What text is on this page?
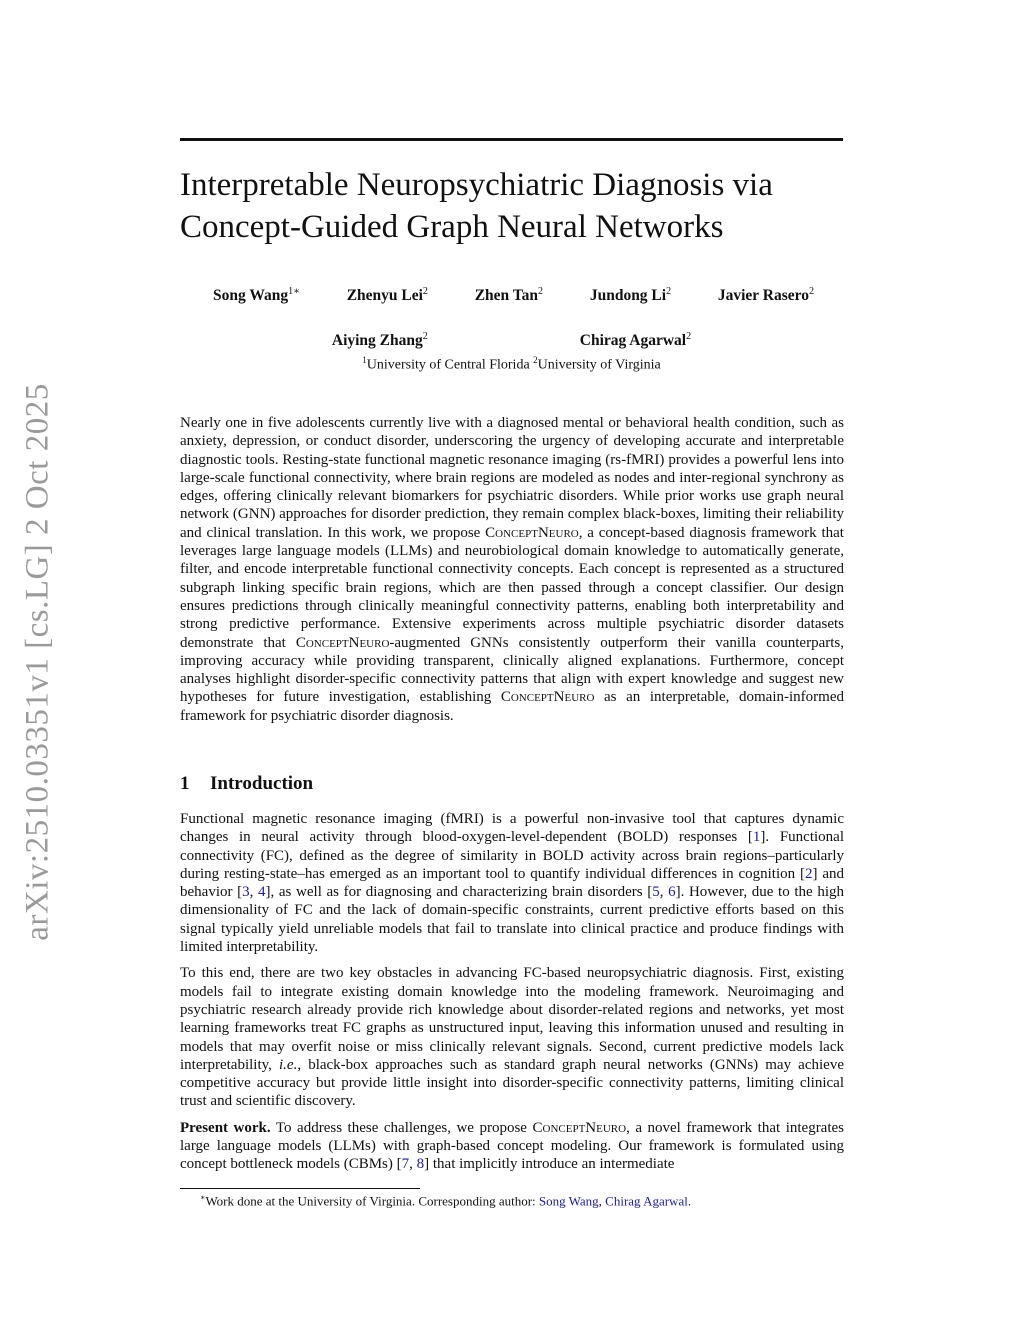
arXiv:2510.03351v1 [cs.LG] 2 Oct 2025
Interpretable Neuropsychiatric Diagnosis via
Concept-Guided Graph Neural Networks
Song Wang$^{1∗}$	Zhenyu Lei$^2$	Zhen Tan$^2$	Jundong Li$^2$	Javier Rasero$^2$
Aiying Zhang$^2$	Chirag Agarwal$^2$
$^1$University of Central Florida $^2$University of Virginia

Nearly one in five adolescents currently live with a diagnosed mental or behavioral health condition, such as anxiety, depression, or conduct disorder, underscoring the urgency of developing accurate and interpretable diagnostic tools. Resting-state functional magnetic resonance imaging (rs-fMRI) provides a powerful lens into large-scale functional connectivity, where brain regions are modeled as nodes and inter-regional synchrony as edges, offering clinically relevant biomarkers for psychiatric disorders. While prior works use graph neural network (GNN) approaches for disorder prediction, they remain complex black-boxes, limiting their reliability and clinical translation. In this work, we propose ConceptNeuro, a concept-based diagnosis framework that leverages large language models (LLMs) and neurobiological domain knowledge to automatically generate, filter, and encode interpretable functional connectivity concepts. Each concept is represented as a structured subgraph linking specific brain regions, which are then passed through a concept classifier. Our design ensures predictions through clinically meaningful connectivity patterns, enabling both interpretability and strong predictive performance. Extensive experiments across multiple psychiatric disorder datasets demonstrate that ConceptNeuro-augmented GNNs consistently outperform their vanilla counterparts, improving accuracy while providing transparent, clinically aligned explanations. Furthermore, concept analyses highlight disorder-specific connectivity patterns that align with expert knowledge and suggest new hypotheses for future investigation, establishing ConceptNeuro as an interpretable, domain-informed framework for psychiatric disorder diagnosis.

1 Introduction

Functional magnetic resonance imaging (fMRI) is a powerful non-invasive tool that captures dynamic changes in neural activity through blood-oxygen-level-dependent (BOLD) responses [1]. Functional connectivity (FC), defined as the degree of similarity in BOLD activity across brain regions–particularly during resting-state–has emerged as an important tool to quantify individual differences in cognition [2] and behavior [3, 4], as well as for diagnosing and characterizing brain disorders [5, 6]. However, due to the high dimensionality of FC and the lack of domain-specific constraints, current predictive efforts based on this signal typically yield unreliable models that fail to translate into clinical practice and produce findings with limited interpretability.

To this end, there are two key obstacles in advancing FC-based neuropsychiatric diagnosis. First, existing models fail to integrate existing domain knowledge into the modeling framework. Neuroimaging and psychiatric research already provide rich knowledge about disorder-related regions and networks, yet most learning frameworks treat FC graphs as unstructured input, leaving this information unused and resulting in models that may overfit noise or miss clinically relevant signals. Second, current predictive models lack interpretability, i.e., black-box approaches such as standard graph neural networks (GNNs) may achieve competitive accuracy but provide little insight into disorder-specific connectivity patterns, limiting clinical trust and scientific discovery.

Present work. To address these challenges, we propose ConceptNeuro, a novel framework that integrates large language models (LLMs) with graph-based concept modeling. Our framework is formulated using concept bottleneck models (CBMs) [7, 8] that implicitly introduce an intermediate

∗Work done at the University of Virginia. Corresponding author: Song Wang, Chirag Agarwal.
